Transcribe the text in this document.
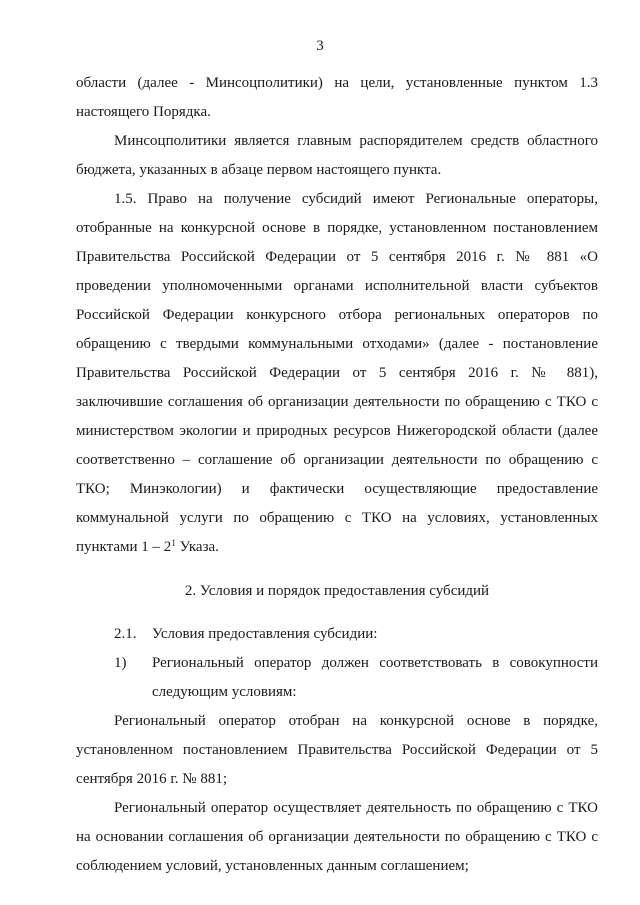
3

области (далее - Минсоцполитики) на цели, установленные пунктом 1.3 настоящего Порядка.

Минсоцполитики является главным распорядителем средств областного бюджета, указанных в абзаце первом настоящего пункта.

1.5. Право на получение субсидий имеют Региональные операторы, отобранные на конкурсной основе в порядке, установленном постановлением Правительства Российской Федерации от 5 сентября 2016 г. № 881 «О проведении уполномоченными органами исполнительной власти субъектов Российской Федерации конкурсного отбора региональных операторов по обращению с твердыми коммунальными отходами» (далее - постановление Правительства Российской Федерации от 5 сентября 2016 г. № 881), заключившие соглашения об организации деятельности по обращению с ТКО с министерством экологии и природных ресурсов Нижегородской области (далее соответственно – соглашение об организации деятельности по обращению с ТКО; Минэкологии) и фактически осуществляющие предоставление коммунальной услуги по обращению с ТКО на условиях, установленных пунктами $1 - 2^1$ Указа.

2. Условия и порядок предоставления субсидий

2.1.	Условия предоставления субсидии:

1)	Региональный оператор должен соответствовать в совокупности следующим условиям:

Региональный оператор отобран на конкурсной основе в порядке, установленном постановлением Правительства Российской Федерации от 5 сентября 2016 г. № 881;

Региональный оператор осуществляет деятельность по обращению с ТКО на основании соглашения об организации деятельности по обращению с ТКО с соблюдением условий, установленных данным соглашением;
